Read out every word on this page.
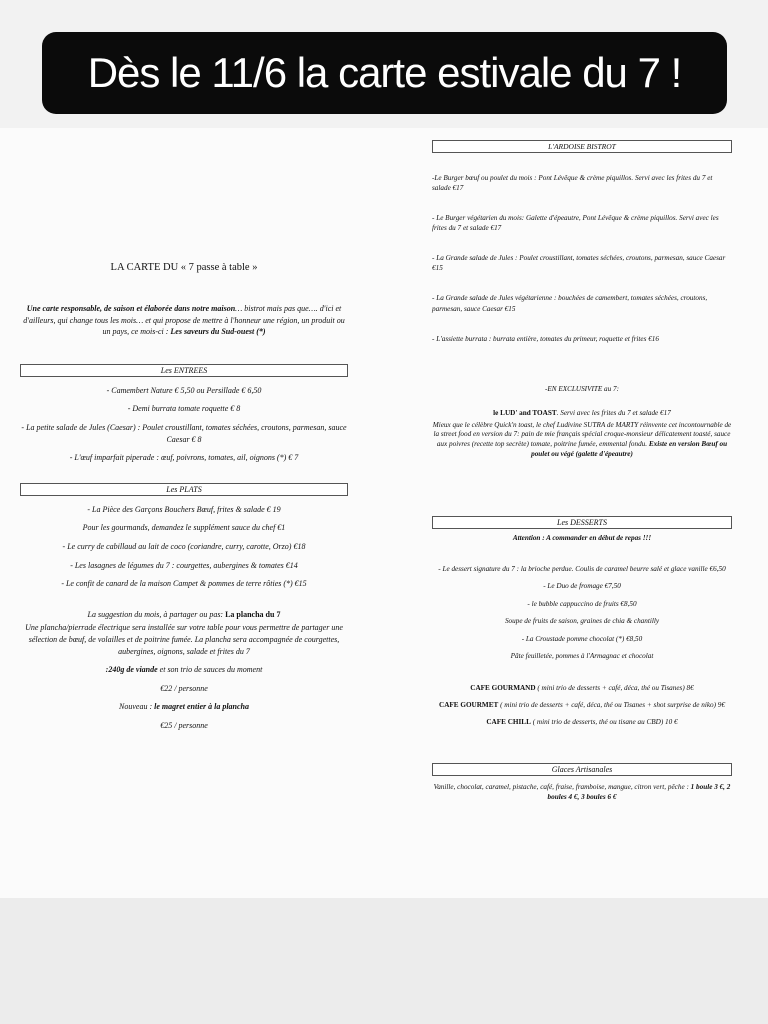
Dès le 11/6 la carte estivale du 7 !
LA CARTE DU « 7 passe à table »
Une carte responsable, de saison et élaborée dans notre maison… bistrot mais pas que…. d'ici et d'ailleurs, qui change tous les mois… et qui propose de mettre à l'honneur une région, un produit ou un pays, ce mois-ci : Les saveurs du Sud-ouest (*)
Les ENTREES
- Camembert Nature € 5,50 ou Persillade € 6,50
- Demi burrata tomate roquette € 8
- La petite salade de Jules (Caesar) : Poulet croustillant, tomates séchées, croutons, parmesan, sauce Caesar € 8
- L'œuf imparfait piperade : œuf, poivrons, tomates, ail, oignons (*) € 7
Les PLATS
- La Pièce des Garçons Bouchers Bœuf, frites & salade € 19
Pour les gourmands, demandez le supplément sauce du chef €1
- Le curry de cabillaud au lait de coco (coriandre, curry, carotte, Orzo) €18
- Les lasagnes de légumes du 7 : courgettes, aubergines & tomates €14
- Le confit de canard de la maison Campet & pommes de terre rôties (*) €15
La suggestion du mois, à partager ou pas: La plancha du 7
Une plancha/pierrade électrique sera installée sur votre table pour vous permettre de partager une sélection de bœuf, de volailles et de poitrine fumée. La plancha sera accompagnée de courgettes, aubergines, oignons, salade et frites du 7
:240g de viande et son trio de sauces du moment
€22 / personne
Nouveau : le magret entier à la plancha
€25 / personne
L'ARDOISE BISTROT
-Le Burger bœuf ou poulet du mois : Pont Lévêque & crème piquillos. Servi avec les frites du 7 et salade €17
- Le Burger végétarien du mois: Galette d'épeautre, Pont Lévêque & crème piquillos. Servi avec les frites du 7 et salade €17
- La Grande salade de Jules : Poulet croustillant, tomates séchées, croutons, parmesan, sauce Caesar €15
- La Grande salade de Jules végétarienne : bouchées de camembert, tomates séchées, croutons, parmesan, sauce Caesar €15
- L'assiette burrata : burrata entière, tomates du primeur, roquette et frites €16
-EN EXCLUSIVITE au 7:
le LUD' and TOAST. Servi avec les frites du 7 et salade €17
Mieux que le célèbre Quick'n toast, le chef Ludivine SUTRA de MARTY réinvente cet incontournable de la street food en version du 7: pain de mie français spécial croque-monsieur délicatement toasté, sauce aux poivres (recette top secrète) tomate, poitrine fumée, emmental fondu. Existe en version Bœuf ou poulet ou végé (galette d'épeautre)
Les DESSERTS
Attention : A commander en début de repas !!!
- Le dessert signature du 7 : la brioche perdue. Coulis de caramel beurre salé et glace vanille €6,50
- Le Duo de fromage €7,50
- le bubble cappuccino de fruits €8,50
Soupe de fruits de saison, graines de chia & chantilly
- La Croustade pomme chocolat (*) €8,50
Pâte feuilletée, pommes à l'Armagnac et chocolat
CAFE GOURMAND ( mini trio de desserts + café, déca, thé ou Tisanes) 8€
CAFE GOURMET ( mini trio de desserts + café, déca, thé ou Tisanes + shot surprise de niko) 9€
CAFE CHILL ( mini trio de desserts, thé ou tisane au CBD) 10 €
Glaces Artisanales
Vanille, chocolat, caramel, pistache, café, fraise, framboise, mangue, citron vert, pêche : 1 boule 3 €, 2 boules 4 €, 3 boules 6 €
